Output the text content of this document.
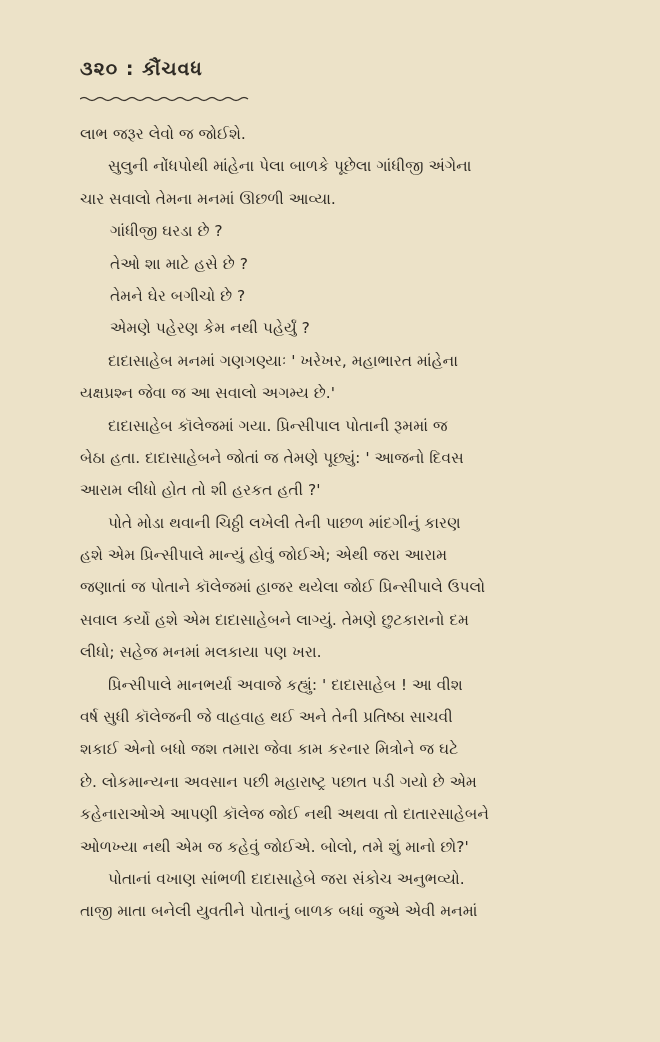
૩૨૦ : કૌંચવધ
લાભ જરૂર લેવો જ જોઈશે.
સુલુની નોંધપોથી માંહેના પેલા બાળકે પૂછેલા ગાંધીજી અંગેના
ચાર સવાલો તેમના મનમાં ઊછળી આવ્યા.
ગાંધીજી ઘરડા છે ?
તેઓ શા માટે હસે છે ?
તેમને ઘેર બગીચો છે ?
એમણે પહેરણ કેમ નથી પહેર્યું ?
દાદાસાહેબ મનમાં ગણગણ્યાઃ ' ખરેખર, મહાભારત માંહેના
યક્ષપ્રશ્ન જેવા જ આ સવાલો અગમ્ય છે.'
દાદાસાહેબ કૉલેજમાં ગયા. પ્રિન્સીપાલ પોતાની રૂમમાં જ
બેઠા હતા. દાદાસાહેબને જોતાં જ તેમણે પૂછ્યું: ' આજનો દિવસ
આરામ લીધો હોત તો શી હરકત હતી ?'
પોતે મોડા થવાની ચિઠ્ઠી લખેલી તેની પાછળ માંદગીનું કારણ
હશે એમ પ્રિન્સીપાલે માન્યું હોવું જોઈએ; એથી જરા આરામ
જણાતાં જ પોતાને કૉલેજમાં હાજર થયેલા જોઈ પ્રિન્સીપાલે ઉપલો
સવાલ કર્યો હશે એમ દાદાસાહેબને લાગ્યું. તેમણે છુટકારાનો દમ
લીધો; સહેજ મનમાં મલકાયા પણ ખરા.
પ્રિન્સીપાલે માનભર્યા અવાજે કહ્યું: ' દાદાસાહેબ ! આ વીશ
વર્ષ સુધી કૉલેજની જે વાહવાહ થઈ અને તેની પ્રતિષ્ઠા સાચવી
શકાઈ એનો બધો જશ તમારા જેવા કામ કરનાર મિત્રોને જ ઘટે
છે. લોકમાન્યના અવસાન પછી મહારાષ્ટ્ર પછાત પડી ગયો છે એમ
કહેનારાઓએ આપણી કૉલેજ જોઈ નથી અથવા તો દાતારસાહેબને
ઓળખ્યા નથી એમ જ કહેવું જોઈએ. બોલો, તમે શું માનો છો?'
પોતાનાં વખાણ સાંભળી દાદાસાહેબે જરા સંકોચ અનુભવ્યો.
તાજી માતા બનેલી યુવતીને પોતાનું બાળક બધાં જુએ એવી મનમાં
